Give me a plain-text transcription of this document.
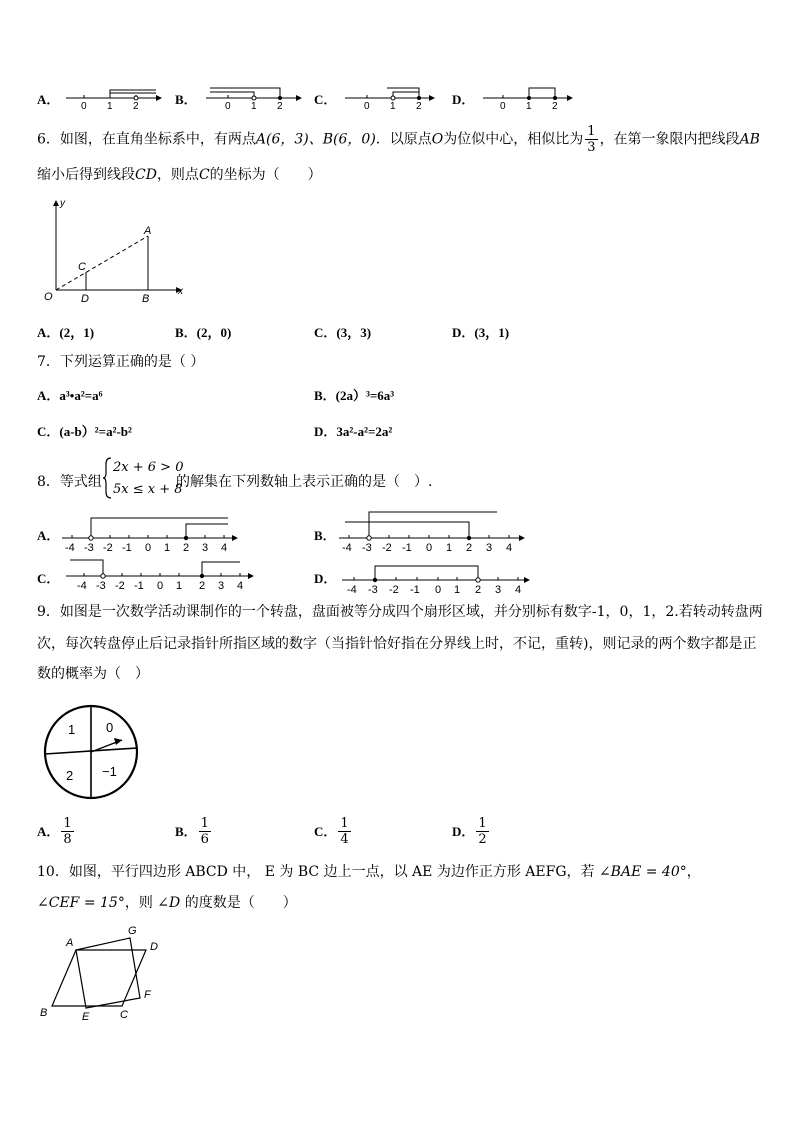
A． 0 1 2	B．	0 1 2 C．	0 1 2 D．	0 1 2
6．如图，在直角坐标系中，有两点A(6，3)、B(6，0)．以原点O为位似中心，相似比为 $\frac{1}{3}$ ，在第一象限内把线段AB
缩小后得到线段CD，则点C的坐标为（　　）
y
x
O
A
B
C
D
A．(2，1)	B．(2，0)	C．(3，3)	D．(3，1)
7．下列运算正确的是（ ）
A．a³•a²=a⁶	B．(2a）³=6a³
C．(a-b）²=a²-b²	D．3a²-a²=2a²
8．等式组
2x + 6 > 0
5x ≤ x + 8
的解集在下列数轴上表示正确的是（　）.
A．
-4 -3 -2 -1 0 1 2 3 4
B．
-4 -3 -2 -1 0 1 2 3 4
C． -4 -3 -2 -1 0 1 2 3 4	D．
-4 -3 -2 -1 0 1 2 3 4
9．如图是一次数学活动课制作的一个转盘，盘面被等分成四个扇形区域，并分别标有数字-1，0，1，2.若转动转盘两
次，每次转盘停止后记录指针所指区域的数字（当指针恰好指在分界线上时，不记，重转)，则记录的两个数字都是正
数的概率为（　）
1 0
2 −1
A． $\frac{1}{8}$	B． $\frac{1}{6}$	C． $\frac{1}{4}$	D． $\frac{1}{2}$
10．如图，平行四边形 ABCD 中， E 为 BC 边上一点，以 AE 为边作正方形 AEFG，若 ∠BAE = 40°，
∠CEF = 15°，则 ∠D 的度数是（　　）
A
B	C
D
E
F
G
